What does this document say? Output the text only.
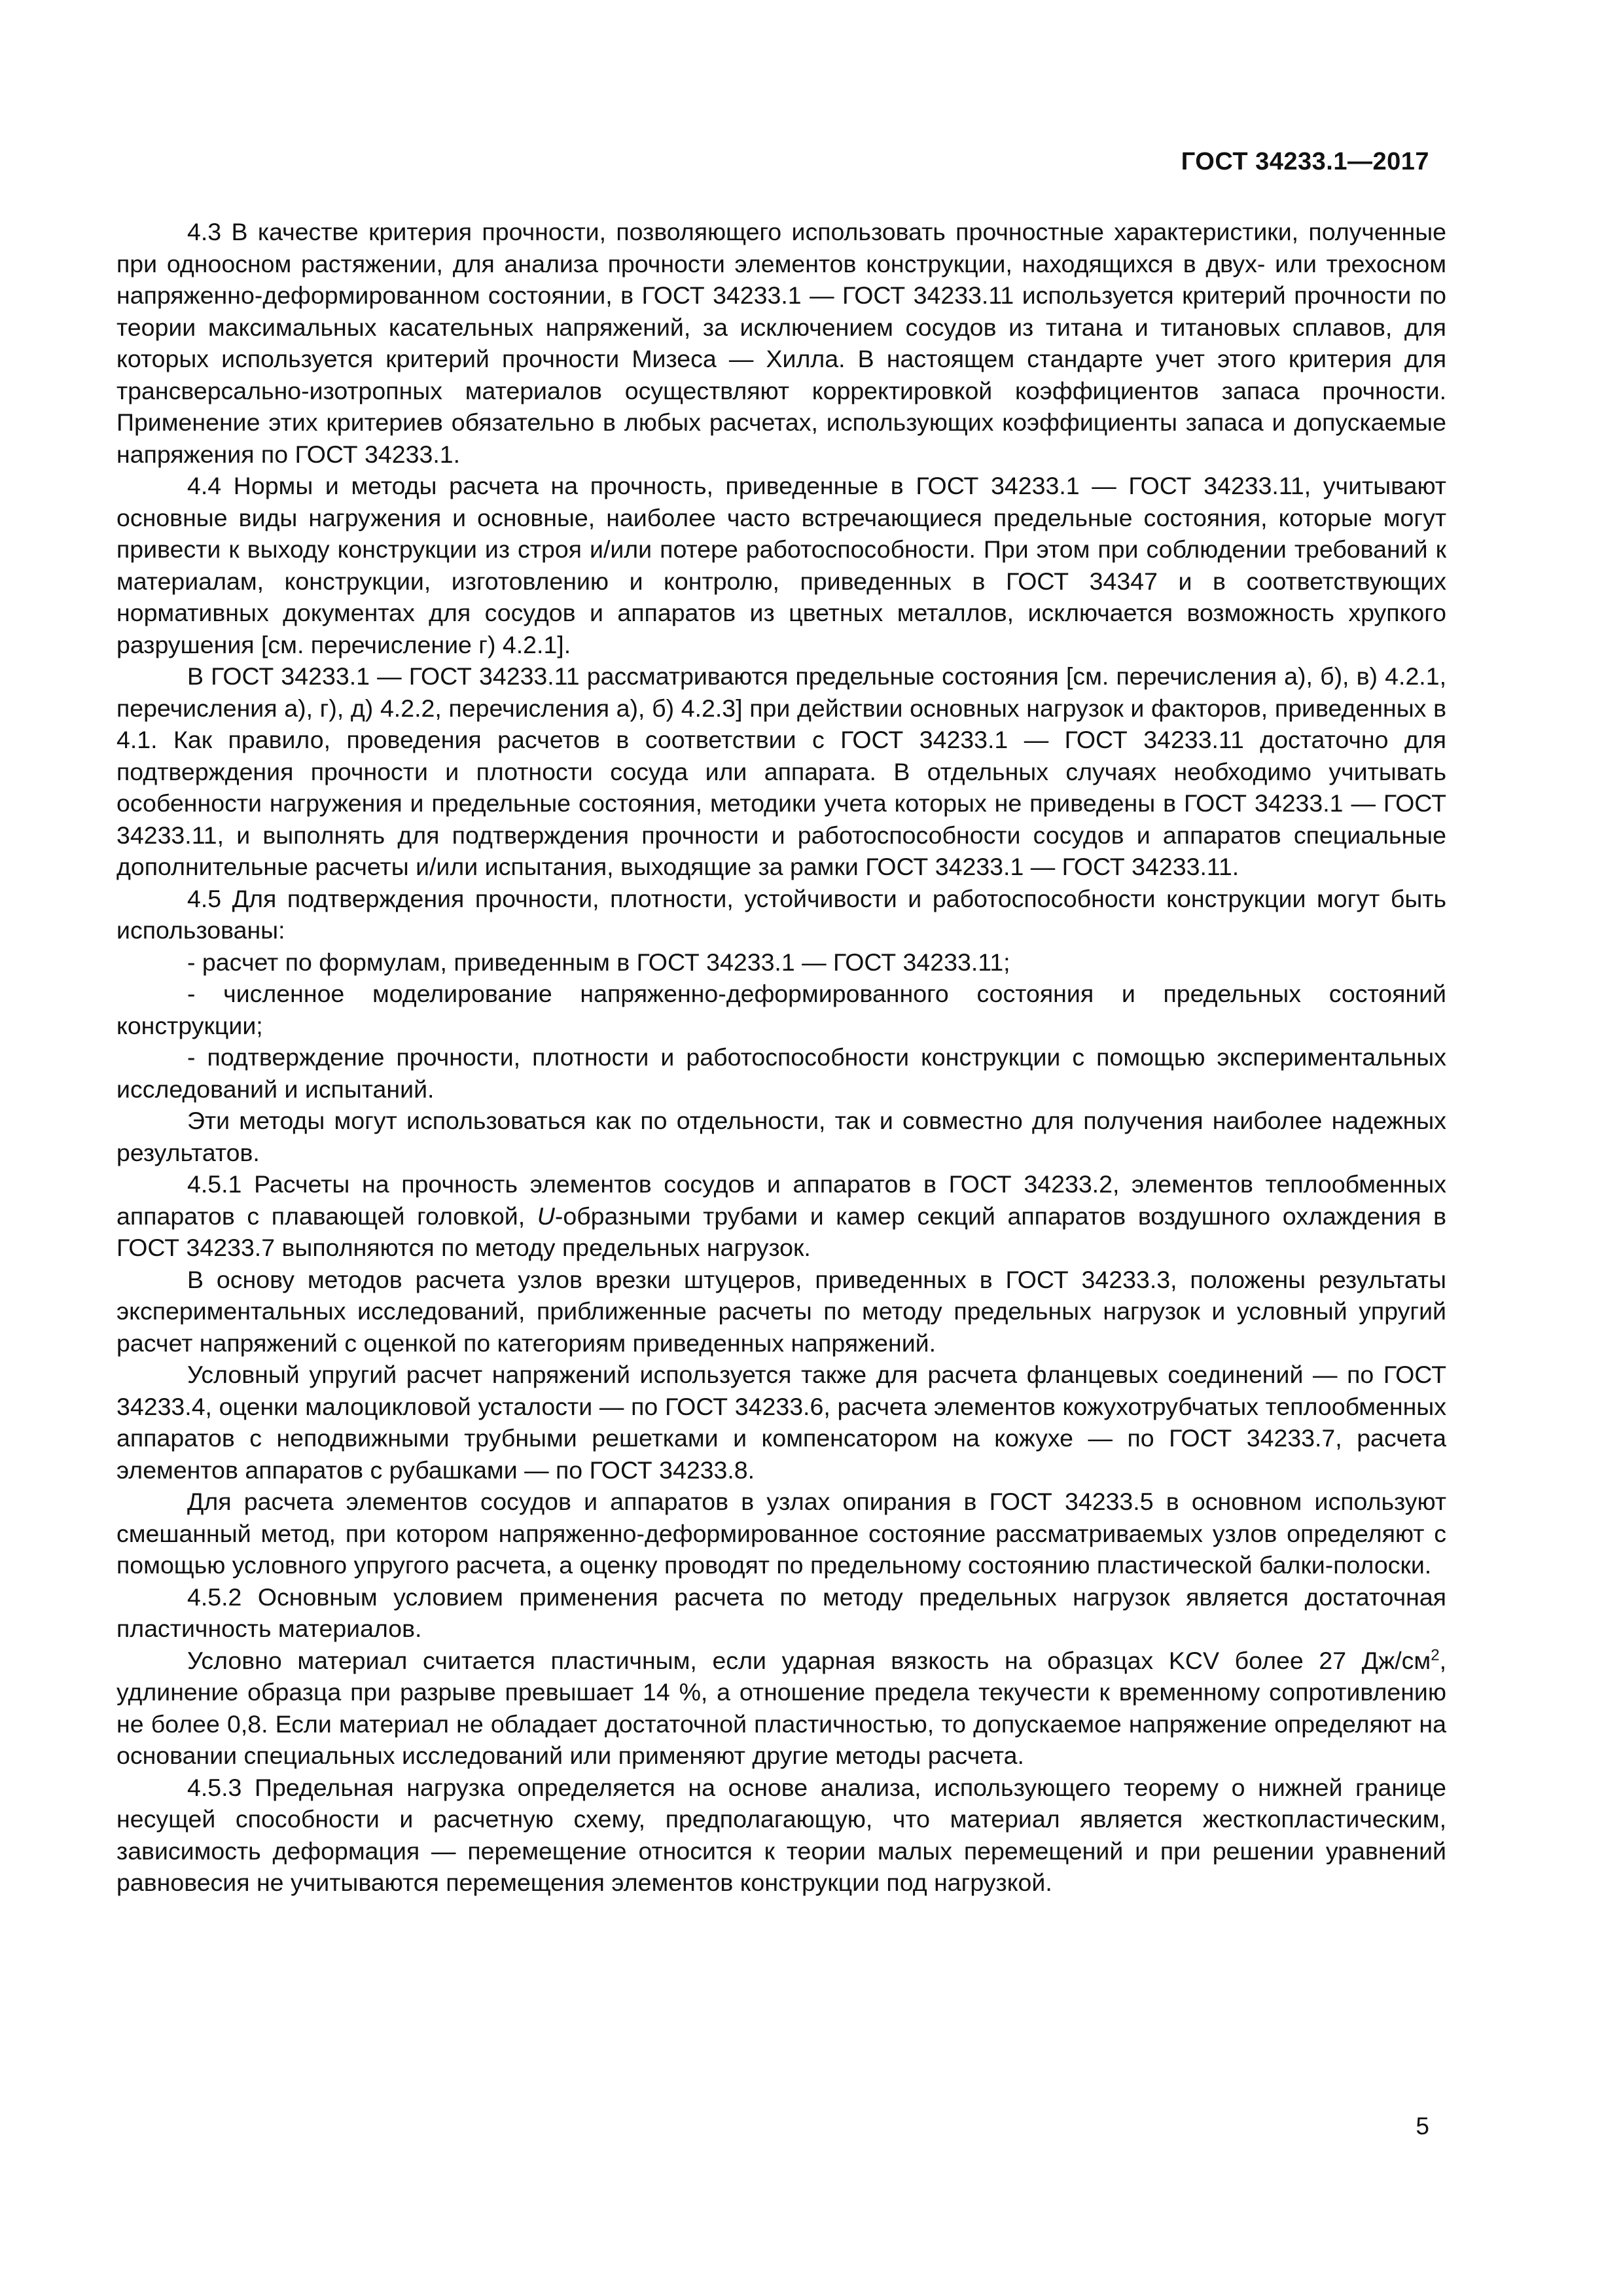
ГОСТ 34233.1—2017

4.3 В качестве критерия прочности, позволяющего использовать прочностные характеристики, полученные при одноосном растяжении, для анализа прочности элементов конструкции, находящихся в двух- или трехосном напряженно-деформированном состоянии, в ГОСТ 34233.1 — ГОСТ 34233.11 используется критерий прочности по теории максимальных касательных напряжений, за исключением сосудов из титана и титановых сплавов, для которых используется критерий прочности Мизеса — Хилла. В настоящем стандарте учет этого критерия для трансверсально-изотропных материалов осуществляют корректировкой коэффициентов запаса прочности. Применение этих критериев обязательно в любых расчетах, использующих коэффициенты запаса и допускаемые напряжения по ГОСТ 34233.1.

4.4 Нормы и методы расчета на прочность, приведенные в ГОСТ 34233.1 — ГОСТ 34233.11, учитывают основные виды нагружения и основные, наиболее часто встречающиеся предельные состояния, которые могут привести к выходу конструкции из строя и/или потере работоспособности. При этом при соблюдении требований к материалам, конструкции, изготовлению и контролю, приведенных в ГОСТ 34347 и в соответствующих нормативных документах для сосудов и аппаратов из цветных металлов, исключается возможность хрупкого разрушения [см. перечисление г) 4.2.1].

В ГОСТ 34233.1 — ГОСТ 34233.11 рассматриваются предельные состояния [см. перечисления а), б), в) 4.2.1, перечисления а), г), д) 4.2.2, перечисления а), б) 4.2.3] при действии основных нагрузок и факторов, приведенных в 4.1. Как правило, проведения расчетов в соответствии с ГОСТ 34233.1 — ГОСТ 34233.11 достаточно для подтверждения прочности и плотности сосуда или аппарата. В отдельных случаях необходимо учитывать особенности нагружения и предельные состояния, методики учета которых не приведены в ГОСТ 34233.1 — ГОСТ 34233.11, и выполнять для подтверждения прочности и работоспособности сосудов и аппаратов специальные дополнительные расчеты и/или испытания, выходящие за рамки ГОСТ 34233.1 — ГОСТ 34233.11.

4.5 Для подтверждения прочности, плотности, устойчивости и работоспособности конструкции могут быть использованы:

- расчет по формулам, приведенным в ГОСТ 34233.1 — ГОСТ 34233.11;

- численное моделирование напряженно-деформированного состояния и предельных состояний конструкции;

- подтверждение прочности, плотности и работоспособности конструкции с помощью экспериментальных исследований и испытаний.

Эти методы могут использоваться как по отдельности, так и совместно для получения наиболее надежных результатов.

4.5.1 Расчеты на прочность элементов сосудов и аппаратов в ГОСТ 34233.2, элементов теплообменных аппаратов с плавающей головкой, U-образными трубами и камер секций аппаратов воздушного охлаждения в ГОСТ 34233.7 выполняются по методу предельных нагрузок.

В основу методов расчета узлов врезки штуцеров, приведенных в ГОСТ 34233.3, положены результаты экспериментальных исследований, приближенные расчеты по методу предельных нагрузок и условный упругий расчет напряжений с оценкой по категориям приведенных напряжений.

Условный упругий расчет напряжений используется также для расчета фланцевых соединений — по ГОСТ 34233.4, оценки малоцикловой усталости — по ГОСТ 34233.6, расчета элементов кожухотрубчатых теплообменных аппаратов с неподвижными трубными решетками и компенсатором на кожухе — по ГОСТ 34233.7, расчета элементов аппаратов с рубашками — по ГОСТ 34233.8.

Для расчета элементов сосудов и аппаратов в узлах опирания в ГОСТ 34233.5 в основном используют смешанный метод, при котором напряженно-деформированное состояние рассматриваемых узлов определяют с помощью условного упругого расчета, а оценку проводят по предельному состоянию пластической балки-полоски.

4.5.2 Основным условием применения расчета по методу предельных нагрузок является достаточная пластичность материалов.

Условно материал считается пластичным, если ударная вязкость на образцах KCV более 27 $Дж/см^2$, удлинение образца при разрыве превышает 14 %, а отношение предела текучести к временному сопротивлению не более 0,8. Если материал не обладает достаточной пластичностью, то допускаемое напряжение определяют на основании специальных исследований или применяют другие методы расчета.

4.5.3 Предельная нагрузка определяется на основе анализа, использующего теорему о нижней границе несущей способности и расчетную схему, предполагающую, что материал является жесткопластическим, зависимость деформация — перемещение относится к теории малых перемещений и при решении уравнений равновесия не учитываются перемещения элементов конструкции под нагрузкой.

5
